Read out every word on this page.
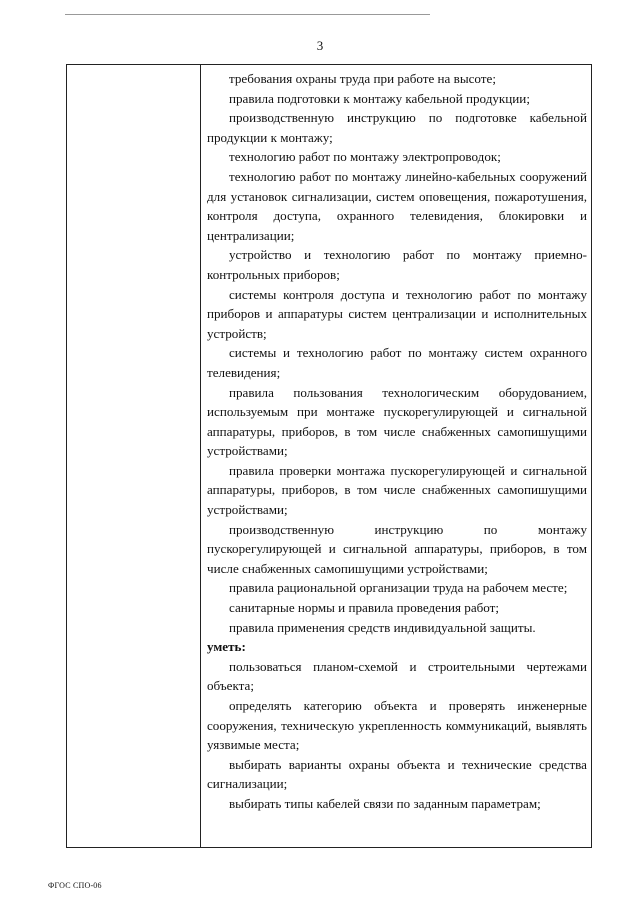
3

требования охраны труда при работе на высоте;

правила подготовки к монтажу кабельной продукции;

производственную инструкцию по подготовке кабельной продукции к монтажу;

технологию работ по монтажу электропроводок;

технологию работ по монтажу линейно-кабельных сооружений для установок сигнализации, систем оповещения, пожаротушения, контроля доступа, охранного телевидения, блокировки и централизации;

устройство и технологию работ по монтажу приемно-контрольных приборов;

системы контроля доступа и технологию работ по монтажу приборов и аппаратуры систем централизации и исполнительных устройств;

системы и технологию работ по монтажу систем охранного телевидения;

правила пользования технологическим оборудованием, используемым при монтаже пускорегулирующей и сигнальной аппаратуры, приборов, в том числе снабженных самопишущими устройствами;

правила проверки монтажа пускорегулирующей и сигнальной аппаратуры, приборов, в том числе снабженных самопишущими устройствами;

производственную инструкцию по монтажу пускорегулирующей и сигнальной аппаратуры, приборов, в том числе снабженных самопишущими устройствами;

правила рациональной организации труда на рабочем месте;

санитарные нормы и правила проведения работ;

правила применения средств индивидуальной защиты.

уметь:

пользоваться планом-схемой и строительными чертежами объекта;

определять категорию объекта и проверять инженерные сооружения, техническую укрепленность коммуникаций, выявлять уязвимые места;

выбирать варианты охраны объекта и технические средства сигнализации;

выбирать типы кабелей связи по заданным параметрам;

ФГОС СПО-06
